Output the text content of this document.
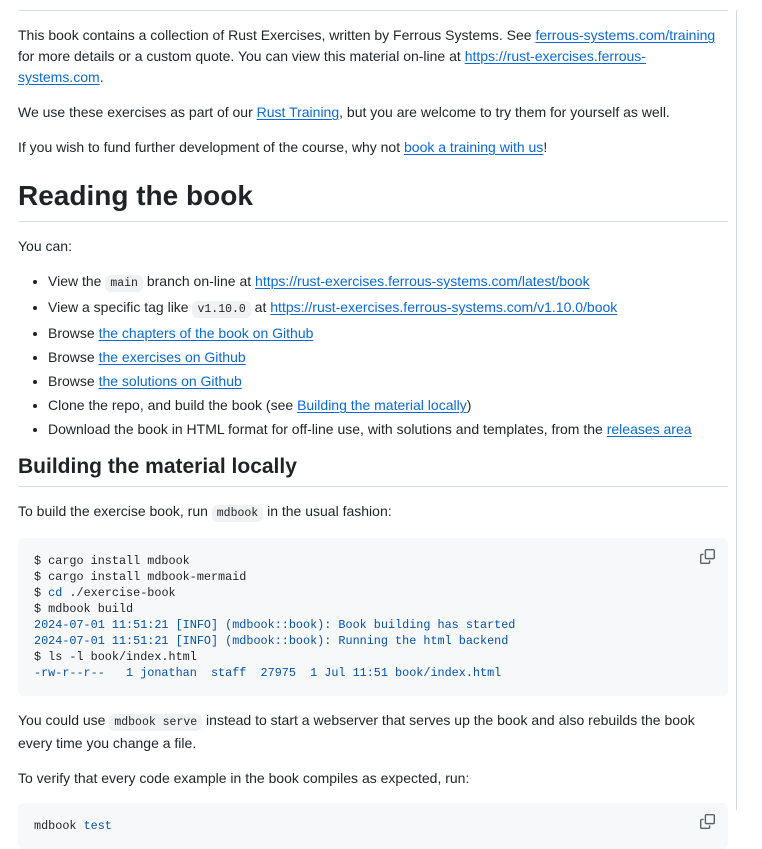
This book contains a collection of Rust Exercises, written by Ferrous Systems. See ferrous-systems.com/training for more details or a custom quote. You can view this material on-line at https://rust-exercises.ferrous-systems.com.

We use these exercises as part of our Rust Training, but you are welcome to try them for yourself as well.

If you wish to fund further development of the course, why not book a training with us!

Reading the book

You can:

• View the main branch on-line at https://rust-exercises.ferrous-systems.com/latest/book
• View a specific tag like v1.10.0 at https://rust-exercises.ferrous-systems.com/v1.10.0/book
• Browse the chapters of the book on Github
• Browse the exercises on Github
• Browse the solutions on Github
• Clone the repo, and build the book (see Building the material locally)
• Download the book in HTML format for off-line use, with solutions and templates, from the releases area
Building the material locally

To build the exercise book, run mdbook in the usual fashion:

$ cargo install mdbook
$ cargo install mdbook-mermaid
$ cd ./exercise-book
$ mdbook build
2024-07-01 11:51:21 [INFO] (mdbook::book): Book building has started
2024-07-01 11:51:21 [INFO] (mdbook::book): Running the html backend
$ ls -l book/index.html
-rw-r--r--   1 jonathan  staff  27975  1 Jul 11:51 book/index.html

You could use mdbook serve instead to start a webserver that serves up the book and also rebuilds the book every time you change a file.

To verify that every code example in the book compiles as expected, run:

mdbook test
